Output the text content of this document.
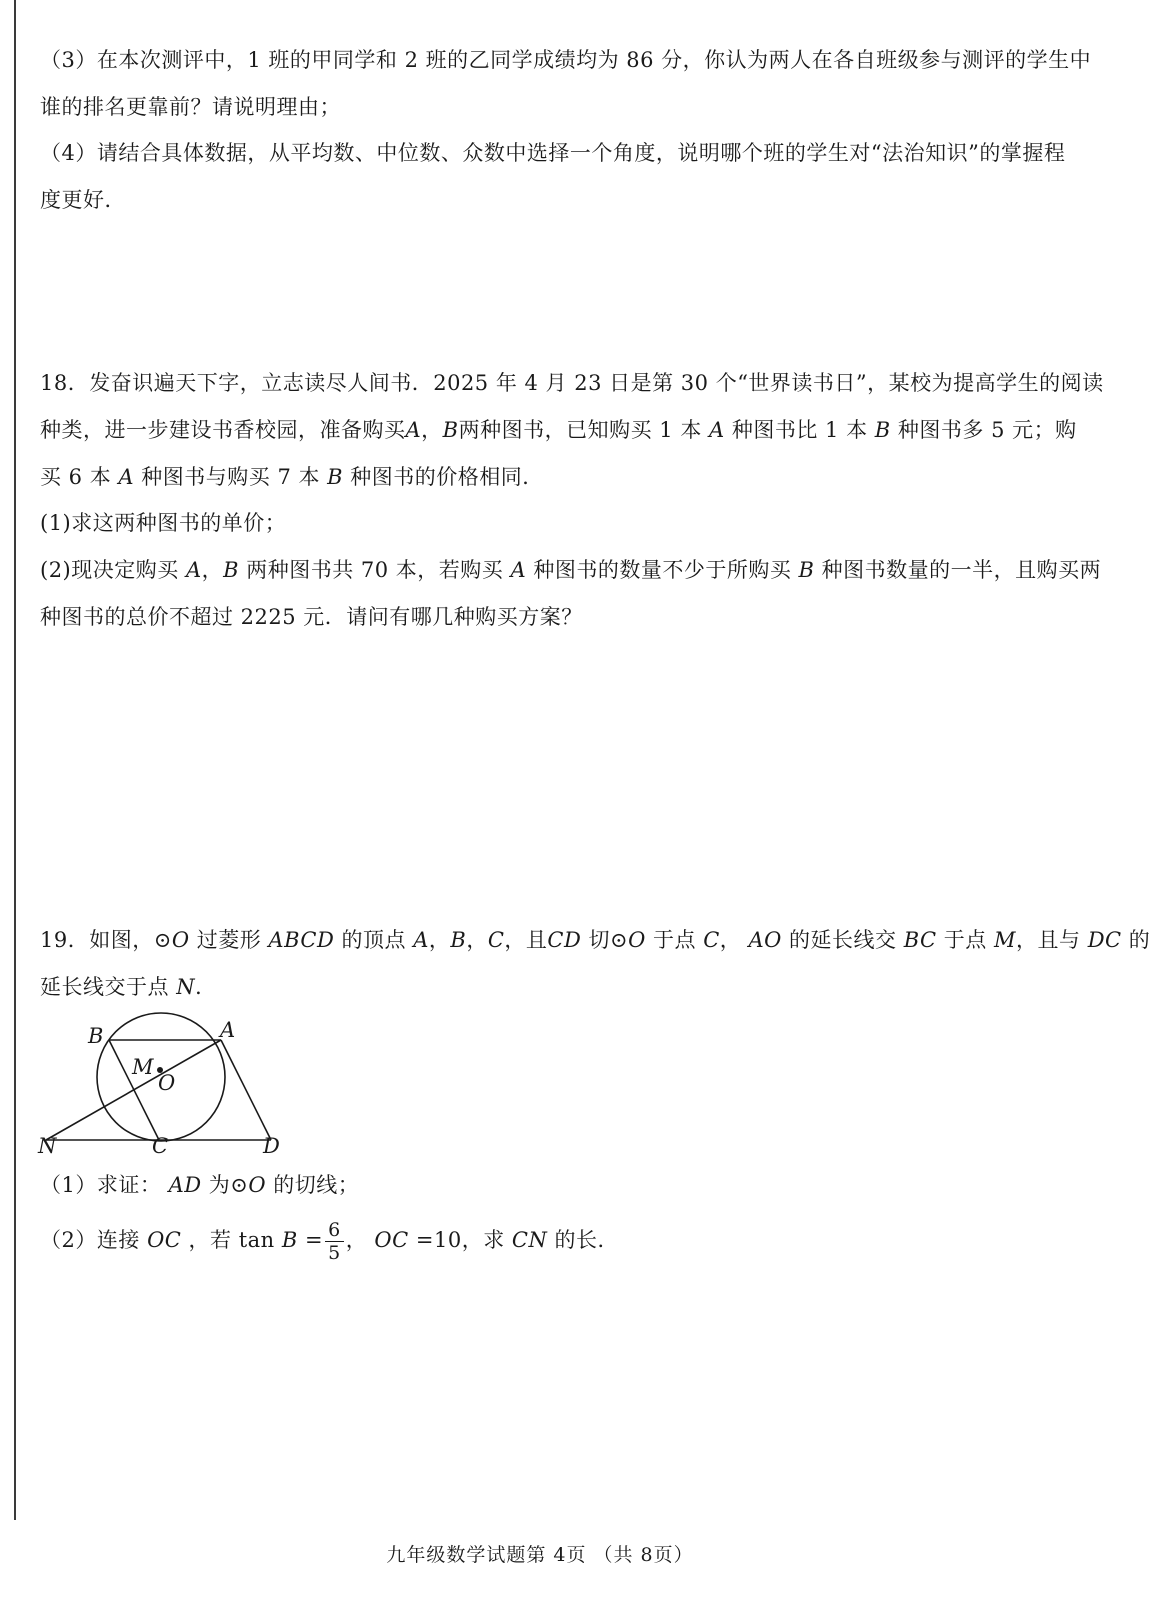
（3）在本次测评中，1 班的甲同学和 2 班的乙同学成绩均为 86 分，你认为两人在各自班级参与测评的学生中

谁的排名更靠前？请说明理由；

（4）请结合具体数据，从平均数、中位数、众数中选择一个角度，说明哪个班的学生对“法治知识”的掌握程

度更好．

18．发奋识遍天下字，立志读尽人间书．2025 年 4 月 23 日是第 30 个“世界读书日”，某校为提高学生的阅读

种类，进一步建设书香校园，准备购买A，B两种图书，已知购买 1 本 A 种图书比 1 本 B 种图书多 5 元；购

买 6 本 A 种图书与购买 7 本 B 种图书的价格相同．

(1)求这两种图书的单价；

(2)现决定购买 A，B 两种图书共 70 本，若购买 A 种图书的数量不少于所购买 B 种图书数量的一半，且购买两

种图书的总价不超过 2225 元．请问有哪几种购买方案？

19．如图，⊙O 过菱形 ABCD 的顶点 A，B，C，且CD 切⊙O 于点 C， AO 的延长线交 BC 于点 M，且与 DC 的

延长线交于点 N．

B	A
M
O
N	C	D

（1）求证： AD 为⊙O 的切线；

（2）连接 OC ，若 $\tan B = \frac{6}{5}$ ， OC =10，求 CN 的长．

九年级数学试题第 4页 （共 8页）
